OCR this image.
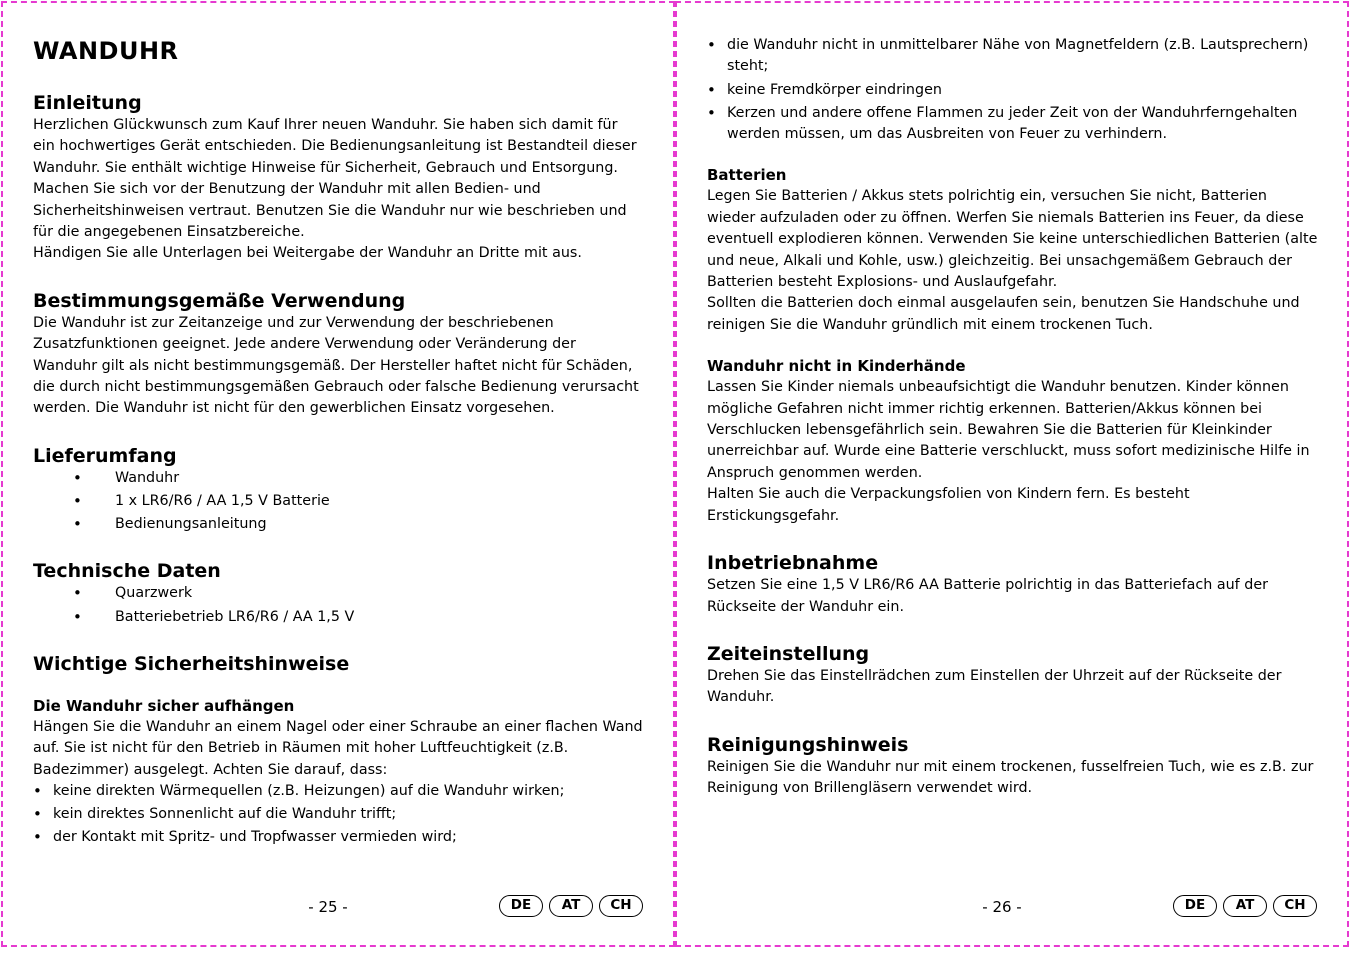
WANDUHR
Einleitung

Herzlichen Glückwunsch zum Kauf Ihrer neuen Wanduhr. Sie haben sich damit für ein hochwertiges Gerät entschieden. Die Bedienungsanleitung ist Bestandteil dieser Wanduhr. Sie enthält wichtige Hinweise für Sicherheit, Gebrauch und Entsorgung. Machen Sie sich vor der Benutzung der Wanduhr mit allen Bedien- und Sicherheitshinweisen vertraut. Benutzen Sie die Wanduhr nur wie beschrieben und für die angegebenen Einsatzbereiche.

Händigen Sie alle Unterlagen bei Weitergabe der Wanduhr an Dritte mit aus.

Bestimmungsgemäße Verwendung

Die Wanduhr ist zur Zeitanzeige und zur Verwendung der beschriebenen Zusatzfunktionen geeignet. Jede andere Verwendung oder Veränderung der Wanduhr gilt als nicht bestimmungsgemäß. Der Hersteller haftet nicht für Schäden, die durch nicht bestimmungsgemäßen Gebrauch oder falsche Bedienung verursacht werden. Die Wanduhr ist nicht für den gewerblichen Einsatz vorgesehen.

Lieferumfang
• Wanduhr
• 1 x LR6/R6 / AA 1,5 V Batterie
• Bedienungsanleitung
Technische Daten
• Quarzwerk
• Batteriebetrieb LR6/R6 / AA 1,5 V
Wichtige Sicherheitshinweise
Die Wanduhr sicher aufhängen

Hängen Sie die Wanduhr an einem Nagel oder einer Schraube an einer flachen Wand auf. Sie ist nicht für den Betrieb in Räumen mit hoher Luftfeuchtigkeit (z.B. Badezimmer) ausgelegt. Achten Sie darauf, dass:

• keine direkten Wärmequellen (z.B. Heizungen) auf die Wanduhr wirken;
• kein direktes Sonnenlicht auf die Wanduhr trifft;
• der Kontakt mit Spritz- und Tropfwasser vermieden wird;
- 25 -	DE	AT	CH
• die Wanduhr nicht in unmittelbarer Nähe von Magnetfeldern (z.B. Lautsprechern) steht;
• keine Fremdkörper eindringen
• Kerzen und andere offene Flammen zu jeder Zeit von der Wanduhrferngehalten werden müssen, um das Ausbreiten von Feuer zu verhindern.
Batterien

Legen Sie Batterien / Akkus stets polrichtig ein, versuchen Sie nicht, Batterien wieder aufzuladen oder zu öffnen. Werfen Sie niemals Batterien ins Feuer, da diese eventuell explodieren können. Verwenden Sie keine unterschiedlichen Batterien (alte und neue, Alkali und Kohle, usw.) gleichzeitig. Bei unsachgemäßem Gebrauch der Batterien besteht Explosions- und Auslaufgefahr.

Sollten die Batterien doch einmal ausgelaufen sein, benutzen Sie Handschuhe und reinigen Sie die Wanduhr gründlich mit einem trockenen Tuch.

Wanduhr nicht in Kinderhände

Lassen Sie Kinder niemals unbeaufsichtigt die Wanduhr benutzen. Kinder können mögliche Gefahren nicht immer richtig erkennen. Batterien/Akkus können bei Verschlucken lebensgefährlich sein. Bewahren Sie die Batterien für Kleinkinder unerreichbar auf. Wurde eine Batterie verschluckt, muss sofort medizinische Hilfe in Anspruch genommen werden.

Halten Sie auch die Verpackungsfolien von Kindern fern. Es besteht Erstickungsgefahr.

Inbetriebnahme

Setzen Sie eine 1,5 V LR6/R6 AA Batterie polrichtig in das Batteriefach auf der Rückseite der Wanduhr ein.

Zeiteinstellung

Drehen Sie das Einstellrädchen zum Einstellen der Uhrzeit auf der Rückseite der Wanduhr.

Reinigungshinweis

Reinigen Sie die Wanduhr nur mit einem trockenen, fusselfreien Tuch, wie es z.B. zur Reinigung von Brillengläsern verwendet wird.

- 26 -	DE	AT	CH
